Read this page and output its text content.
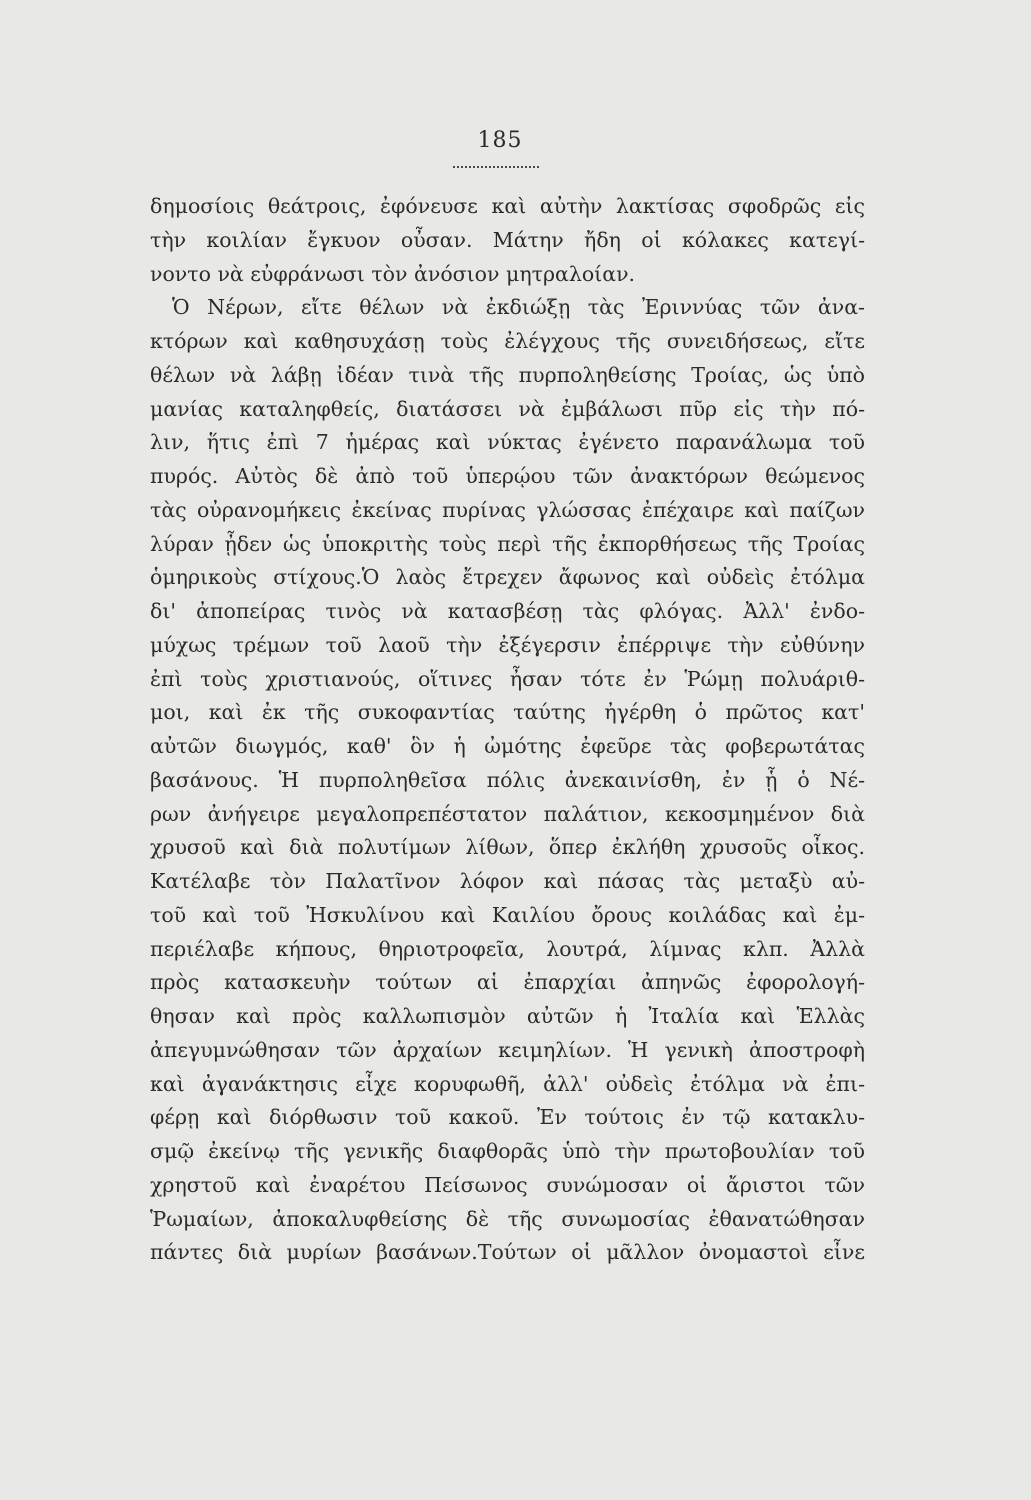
185
δημοσίοις θεάτροις, ἐφόνευσε καὶ αὐτὴν λακτίσας σφοδρῶς εἰς
τὴν κοιλίαν ἔγκυον οὖσαν. Μάτην ἤδη οἱ κόλακες κατεγί-
νοντο νὰ εὐφράνωσι τὸν ἀνόσιον μητραλοίαν.
Ὁ Νέρων, εἴτε θέλων νὰ ἐκδιώξῃ τὰς Ἐριννύας τῶν ἀνα-
κτόρων καὶ καθησυχάσῃ τοὺς ἐλέγχους τῆς συνειδήσεως, εἴτε
θέλων νὰ λάβῃ ἰδέαν τινὰ τῆς πυρποληθείσης Τροίας, ὡς ὑπὸ
μανίας καταληφθείς, διατάσσει νὰ ἐμβάλωσι πῦρ εἰς τὴν πό-
λιν, ἥτις ἐπὶ 7 ἡμέρας καὶ νύκτας ἐγένετο παρανάλωμα τοῦ
πυρός. Αὐτὸς δὲ ἀπὸ τοῦ ὑπερῴου τῶν ἀνακτόρων θεώμενος
τὰς οὐρανομήκεις ἐκείνας πυρίνας γλώσσας ἐπέχαιρε καὶ παίζων
λύραν ᾖδεν ὡς ὑποκριτὴς τοὺς περὶ τῆς ἐκπορθήσεως τῆς Τροίας
ὁμηρικοὺς στίχους.Ὁ λαὸς ἔτρεχεν ἄφωνος καὶ οὐδεὶς ἐτόλμα
δι' ἀποπείρας τινὸς νὰ κατασβέσῃ τὰς φλόγας. Ἀλλ' ἐνδο-
μύχως τρέμων τοῦ λαοῦ τὴν ἐξέγερσιν ἐπέρριψε τὴν εὐθύνην
ἐπὶ τοὺς χριστιανούς, οἵτινες ἦσαν τότε ἐν Ῥώμῃ πολυάριθ-
μοι, καὶ ἐκ τῆς συκοφαντίας ταύτης ἠγέρθη ὁ πρῶτος κατ'
αὐτῶν διωγμός, καθ' ὃν ἡ ὠμότης ἐφεῦρε τὰς φοβερωτάτας
βασάνους. Ἡ πυρποληθεῖσα πόλις ἀνεκαινίσθη, ἐν ᾗ ὁ Νέ-
ρων ἀνήγειρε μεγαλοπρεπέστατον παλάτιον, κεκοσμημένον διὰ
χρυσοῦ καὶ διὰ πολυτίμων λίθων, ὅπερ ἐκλήθη χρυσοῦς οἶκος.
Κατέλαβε τὸν Παλατῖνον λόφον καὶ πάσας τὰς μεταξὺ αὐ-
τοῦ καὶ τοῦ Ἠσκυλίνου καὶ Καιλίου ὄρους κοιλάδας καὶ ἐμ-
περιέλαβε κήπους, θηριοτροφεῖα, λουτρά, λίμνας κλπ. Ἀλλὰ
πρὸς κατασκευὴν τούτων αἱ ἐπαρχίαι ἀπηνῶς ἐφορολογή-
θησαν καὶ πρὸς καλλωπισμὸν αὐτῶν ἡ Ἰταλία καὶ Ἑλλὰς
ἀπεγυμνώθησαν τῶν ἀρχαίων κειμηλίων. Ἡ γενικὴ ἀποστροφὴ
καὶ ἀγανάκτησις εἶχε κορυφωθῆ, ἀλλ' οὐδεὶς ἐτόλμα νὰ ἐπι-
φέρῃ καὶ διόρθωσιν τοῦ κακοῦ. Ἐν τούτοις ἐν τῷ κατακλυ-
σμῷ ἐκείνῳ τῆς γενικῆς διαφθορᾶς ὑπὸ τὴν πρωτοβουλίαν τοῦ
χρηστοῦ καὶ ἐναρέτου Πείσωνος συνώμοσαν οἱ ἄριστοι τῶν
Ῥωμαίων, ἀποκαλυφθείσης δὲ τῆς συνωμοσίας ἐθανατώθησαν
πάντες διὰ μυρίων βασάνων.Τούτων οἱ μᾶλλον ὀνομαστοὶ εἶνε
